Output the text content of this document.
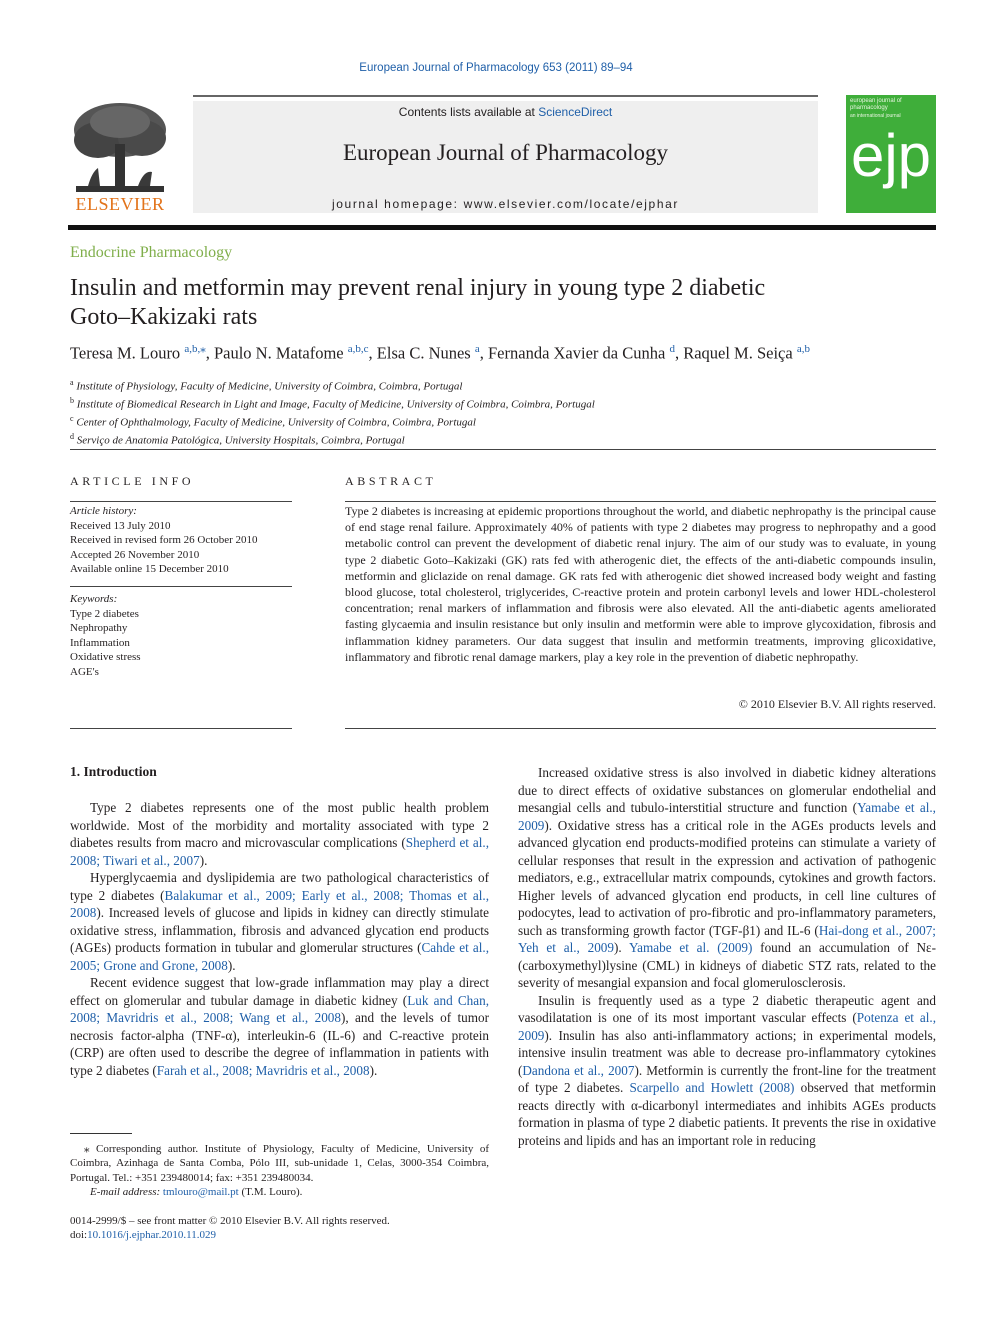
European Journal of Pharmacology 653 (2011) 89–94
ELSEVIER
Contents lists available at ScienceDirect
European Journal of Pharmacology
journal homepage: www.elsevier.com/locate/ejphar
european journal of pharmacology
an international journal
ejp
Endocrine Pharmacology
Insulin and metformin may prevent renal injury in young type 2 diabetic
Goto–Kakizaki rats
Teresa M. Louro $^{a,b,⁎}$, Paulo N. Matafome $^{a,b,c}$, Elsa C. Nunes $^a$, Fernanda Xavier da Cunha $^d$, Raquel M. Seiça $^{a,b}$
$^a$ Institute of Physiology, Faculty of Medicine, University of Coimbra, Coimbra, Portugal
$^b$ Institute of Biomedical Research in Light and Image, Faculty of Medicine, University of Coimbra, Coimbra, Portugal
$^c$ Center of Ophthalmology, Faculty of Medicine, University of Coimbra, Coimbra, Portugal
$^d$ Serviço de Anatomia Patológica, University Hospitals, Coimbra, Portugal
ARTICLE INFO
Article history:
Received 13 July 2010
Received in revised form 26 October 2010
Accepted 26 November 2010
Available online 15 December 2010
Keywords:
Type 2 diabetes
Nephropathy
Inflammation
Oxidative stress
AGE's
ABSTRACT
Type 2 diabetes is increasing at epidemic proportions throughout the world, and diabetic nephropathy is the principal cause of end stage renal failure. Approximately 40% of patients with type 2 diabetes may progress to nephropathy and a good metabolic control can prevent the development of diabetic renal injury. The aim of our study was to evaluate, in young type 2 diabetic Goto–Kakizaki (GK) rats fed with atherogenic diet, the effects of the anti-diabetic compounds insulin, metformin and gliclazide on renal damage. GK rats fed with atherogenic diet showed increased body weight and fasting blood glucose, total cholesterol, triglycerides, C-reactive protein and protein carbonyl levels and lower HDL-cholesterol concentration; renal markers of inflammation and fibrosis were also elevated. All the anti-diabetic agents ameliorated fasting glycaemia and insulin resistance but only insulin and metformin were able to improve glycoxidation, fibrosis and inflammation kidney parameters. Our data suggest that insulin and metformin treatments, improving glicoxidative, inflammatory and fibrotic renal damage markers, play a key role in the prevention of diabetic nephropathy.
© 2010 Elsevier B.V. All rights reserved.
1. Introduction

Type 2 diabetes represents one of the most public health problem worldwide. Most of the morbidity and mortality associated with type 2 diabetes results from macro and microvascular complications (Shepherd et al., 2008; Tiwari et al., 2007).

Hyperglycaemia and dyslipidemia are two pathological characteristics of type 2 diabetes (Balakumar et al., 2009; Early et al., 2008; Thomas et al., 2008). Increased levels of glucose and lipids in kidney can directly stimulate oxidative stress, inflammation, fibrosis and advanced glycation end products (AGEs) products formation in tubular and glomerular structures (Cahde et al., 2005; Grone and Grone, 2008).

Recent evidence suggest that low-grade inflammation may play a direct effect on glomerular and tubular damage in diabetic kidney (Luk and Chan, 2008; Mavridris et al., 2008; Wang et al., 2008), and the levels of tumor necrosis factor-alpha (TNF-α), interleukin-6 (IL-6) and C-reactive protein (CRP) are often used to describe the degree of inflammation in patients with type 2 diabetes (Farah et al., 2008; Mavridris et al., 2008).

Increased oxidative stress is also involved in diabetic kidney alterations due to direct effects of oxidative substances on glomerular endothelial and mesangial cells and tubulo-interstitial structure and function (Yamabe et al., 2009). Oxidative stress has a critical role in the AGEs products levels and advanced glycation end products-modified proteins can stimulate a variety of cellular responses that result in the expression and activation of pathogenic mediators, e.g., extracellular matrix compounds, cytokines and growth factors. Higher levels of advanced glycation end products, in cell line cultures of podocytes, lead to activation of pro-fibrotic and pro-inflammatory parameters, such as transforming growth factor (TGF-β1) and IL-6 (Hai-dong et al., 2007; Yeh et al., 2009). Yamabe et al. (2009) found an accumulation of Nε-(carboxymethyl)lysine (CML) in kidneys of diabetic STZ rats, related to the severity of mesangial expansion and focal glomerulosclerosis.

Insulin is frequently used as a type 2 diabetic therapeutic agent and vasodilatation is one of its most important vascular effects (Potenza et al., 2009). Insulin has also anti-inflammatory actions; in experimental models, intensive insulin treatment was able to decrease pro-inflammatory cytokines (Dandona et al., 2007). Metformin is currently the front-line for the treatment of type 2 diabetes. Scarpello and Howlett (2008) observed that metformin reacts directly with α-dicarbonyl intermediates and inhibits AGEs products formation in plasma of type 2 diabetic patients. It prevents the rise in oxidative proteins and lipids and has an important role in reducing

⁎ Corresponding author. Institute of Physiology, Faculty of Medicine, University of Coimbra, Azinhaga de Santa Comba, Pólo III, sub-unidade 1, Celas, 3000-354 Coimbra, Portugal. Tel.: +351 239480014; fax: +351 239480034.
E-mail address: tmlouro@mail.pt (T.M. Louro).
0014-2999/$ – see front matter © 2010 Elsevier B.V. All rights reserved.
doi:10.1016/j.ejphar.2010.11.029
